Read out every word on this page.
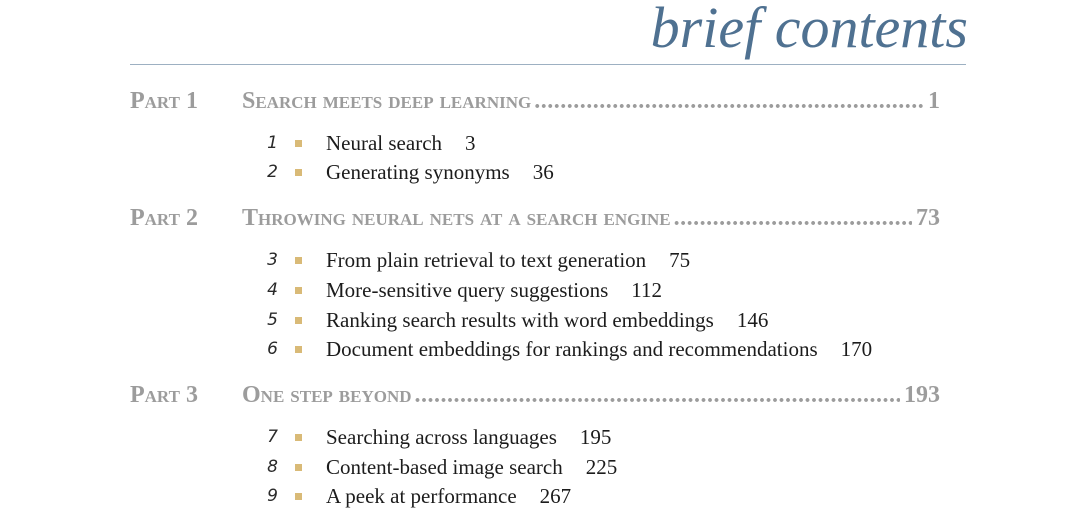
brief contents
Part 1	Search meets deep learning .....	1
1 Neural search 3
2 Generating synonyms 36
Part 2	Throwing neural nets at a search engine .....	73
3 From plain retrieval to text generation 75
4 More-sensitive query suggestions 112
5 Ranking search results with word embeddings 146
6 Document embeddings for rankings and recommendations 170
Part 3	One step beyond .....	193
7 Searching across languages 195
8 Content-based image search 225
9 A peek at performance 267
